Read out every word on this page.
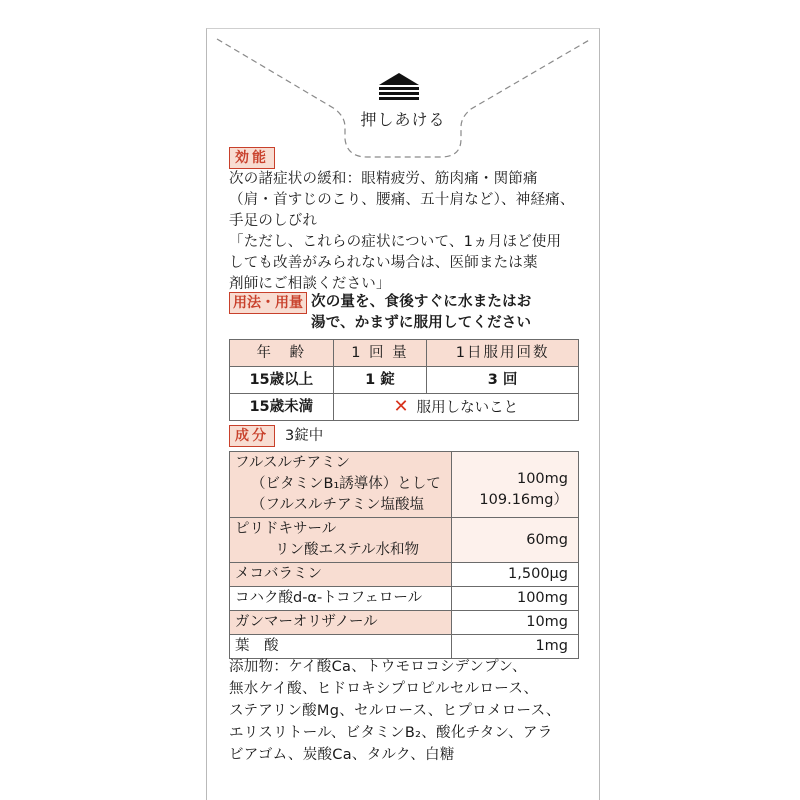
押しあける
効能
次の諸症状の緩和：眼精疲労、筋肉痛・関節痛
（肩・首すじのこり、腰痛、五十肩など）、神経痛、
手足のしびれ
「ただし、これらの症状について、1ヵ月ほど使用
しても改善がみられない場合は、医師または薬
剤師にご相談ください」
用法・用量 次の量を、食後すぐに水またはお
湯で、かまずに服用してください
年　齢	1 回 量	1日服用回数
15歳以上	1 錠	3 回
15歳未満	✕ 服用しないこと	
成分	3錠中
フルスルチアミン
（ビタミンB₁誘導体）として
（フルスルチアミン塩酸塩	100mg
109.16mg）

ピリドキサール
リン酸エステル水和物	60mg
メコバラミン	1,500μg
コハク酸d-α-トコフェロール	100mg
ガンマーオリザノール	10mg
葉　酸	1mg
添加物：ケイ酸Ca、トウモロコシデンプン、
無水ケイ酸、ヒドロキシプロピルセルロース、
ステアリン酸Mg、セルロース、ヒプロメロース、
エリスリトール、ビタミンB₂、酸化チタン、アラ
ビアゴム、炭酸Ca、タルク、白糖
